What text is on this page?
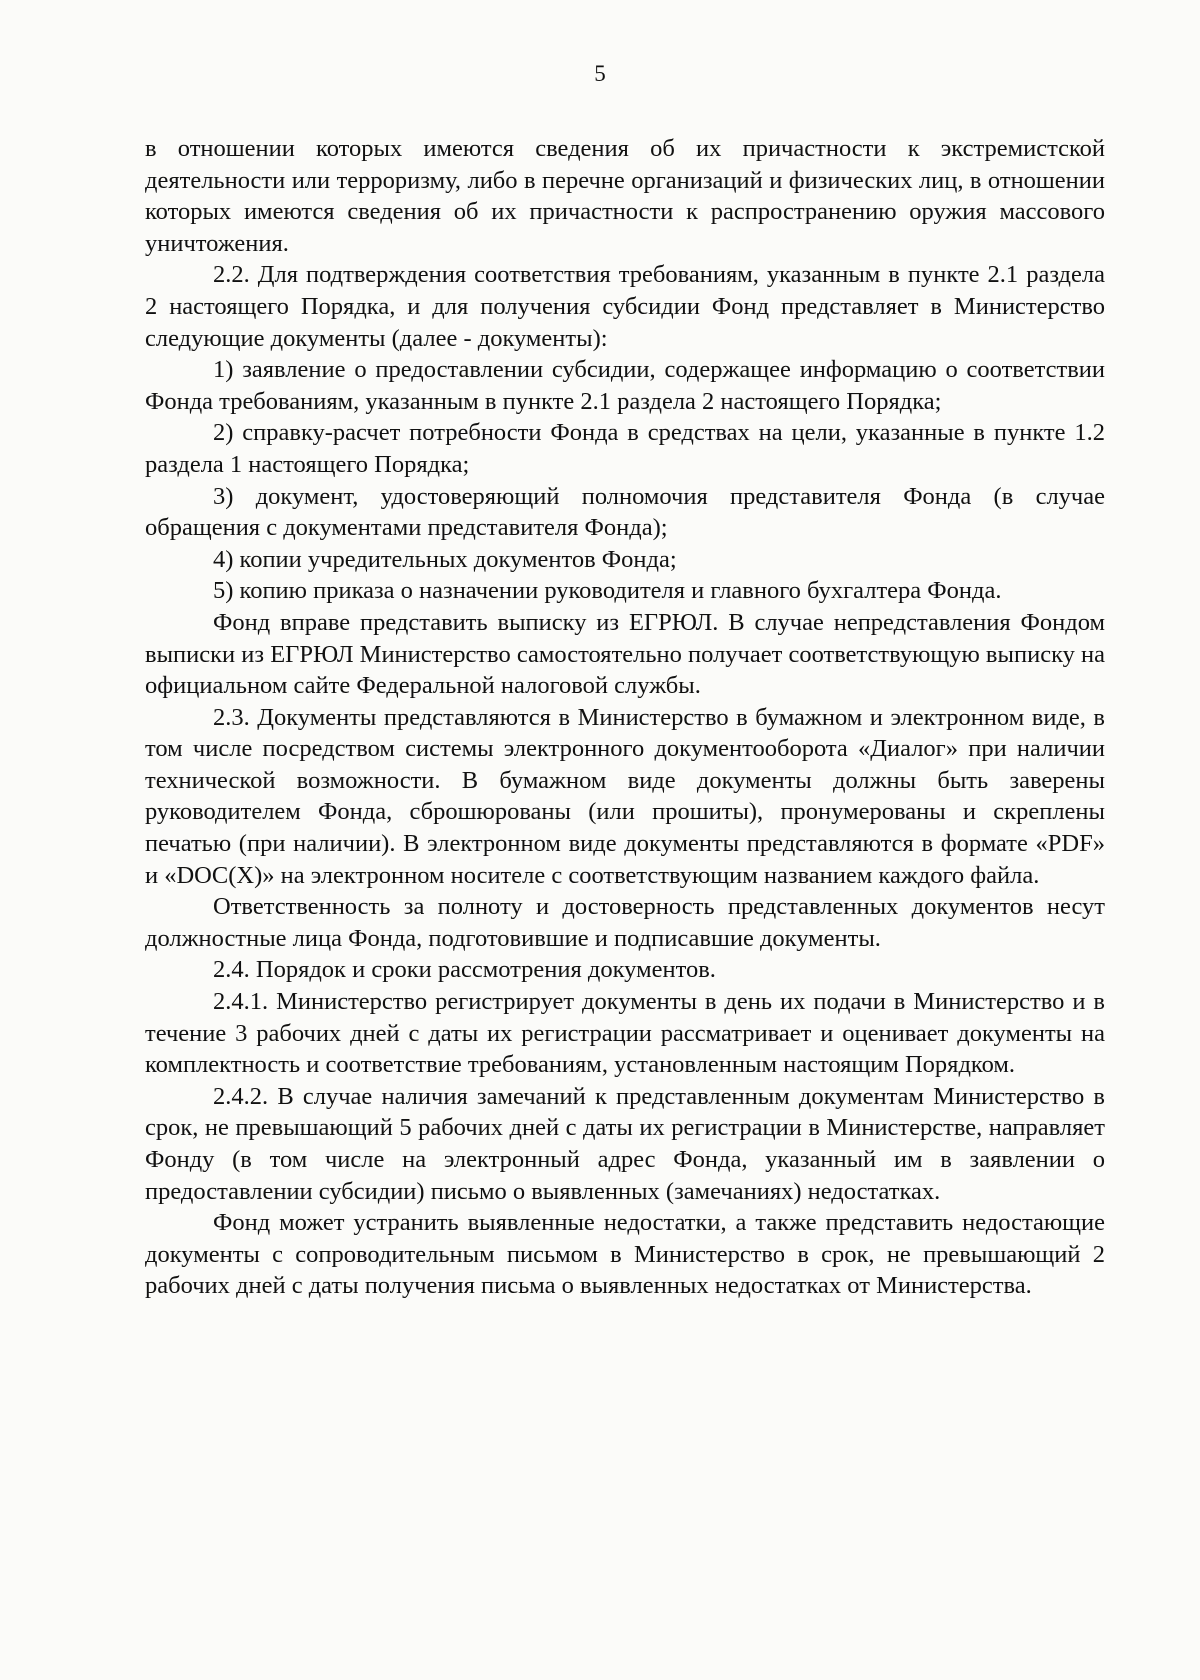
5

в отношении которых имеются сведения об их причастности к экстремистской деятельности или терроризму, либо в перечне организаций и физических лиц, в отношении которых имеются сведения об их причастности к распространению оружия массового уничтожения.

2.2. Для подтверждения соответствия требованиям, указанным в пункте 2.1 раздела 2 настоящего Порядка, и для получения субсидии Фонд представляет в Министерство следующие документы (далее - документы):

1) заявление о предоставлении субсидии, содержащее информацию о соответствии Фонда требованиям, указанным в пункте 2.1 раздела 2 настоящего Порядка;

2) справку-расчет потребности Фонда в средствах на цели, указанные в пункте 1.2 раздела 1 настоящего Порядка;

3) документ, удостоверяющий полномочия представителя Фонда (в случае обращения с документами представителя Фонда);

4) копии учредительных документов Фонда;

5) копию приказа о назначении руководителя и главного бухгалтера Фонда.

Фонд вправе представить выписку из ЕГРЮЛ. В случае непредставления Фондом выписки из ЕГРЮЛ Министерство самостоятельно получает соответствующую выписку на официальном сайте Федеральной налоговой службы.

2.3. Документы представляются в Министерство в бумажном и электронном виде, в том числе посредством системы электронного документооборота «Диалог» при наличии технической возможности. В бумажном виде документы должны быть заверены руководителем Фонда, сброшюрованы (или прошиты), пронумерованы и скреплены печатью (при наличии). В электронном виде документы представляются в формате «PDF» и «DOC(X)» на электронном носителе с соответствующим названием каждого файла.

Ответственность за полноту и достоверность представленных документов несут должностные лица Фонда, подготовившие и подписавшие документы.

2.4. Порядок и сроки рассмотрения документов.

2.4.1. Министерство регистрирует документы в день их подачи в Министерство и в течение 3 рабочих дней с даты их регистрации рассматривает и оценивает документы на комплектность и соответствие требованиям, установленным настоящим Порядком.

2.4.2. В случае наличия замечаний к представленным документам Министерство в срок, не превышающий 5 рабочих дней с даты их регистрации в Министерстве, направляет Фонду (в том числе на электронный адрес Фонда, указанный им в заявлении о предоставлении субсидии) письмо о выявленных (замечаниях) недостатках.

Фонд может устранить выявленные недостатки, а также представить недостающие документы с сопроводительным письмом в Министерство в срок, не превышающий 2 рабочих дней с даты получения письма о выявленных недостатках от Министерства.
